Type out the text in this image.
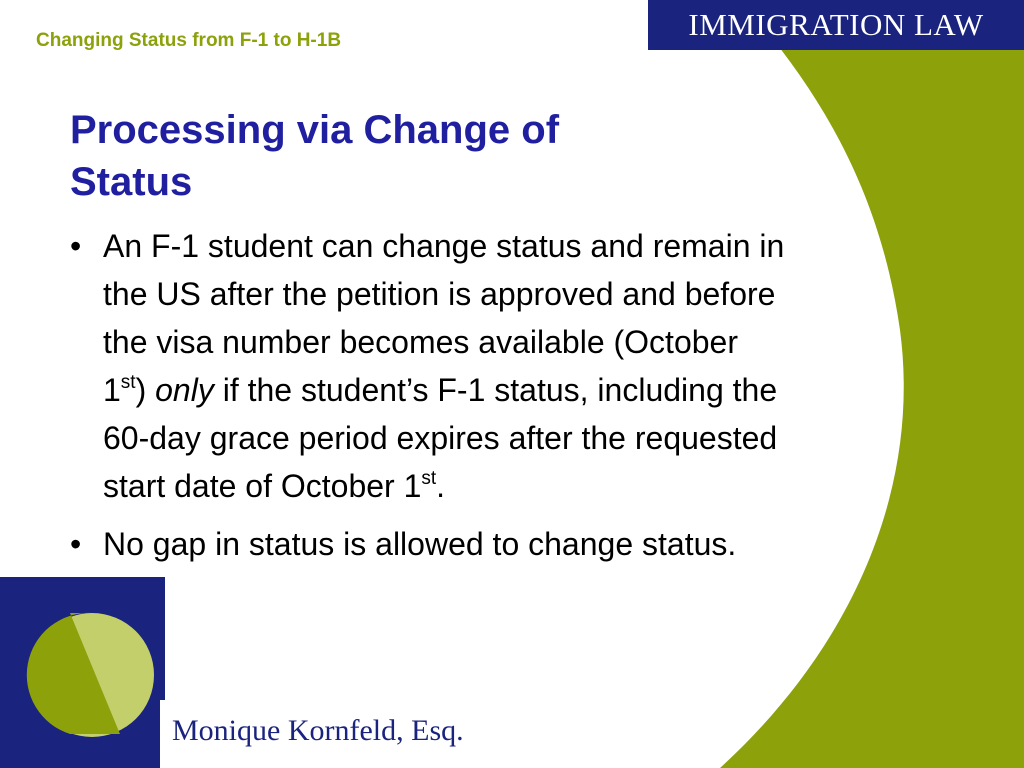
IMMIGRATION LAW
Changing Status from F-1 to H-1B
Processing via Change of Status
• An F-1 student can change status and remain in the US after the petition is approved and before the visa number becomes available (October 1st) only if the student’s F-1 status, including the 60-day grace period expires after the requested start date of October 1st.
• No gap in status is allowed to change status.
Monique Kornfeld, Esq.
